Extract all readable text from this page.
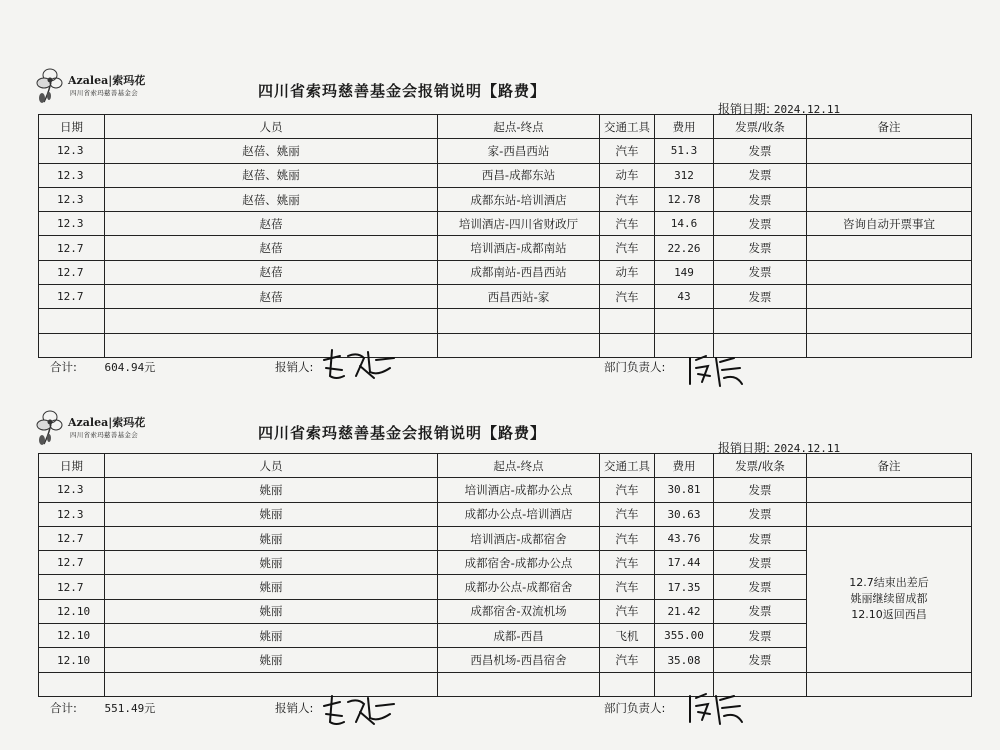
Azalea|索玛花
四川省索玛慈善基金会	四川省索玛慈善基金会报销说明【路费】
报销日期: 2024.12.11
日期	人员	起点-终点	交通工具	费用	发票/收条	备注
12.3	赵蓓、姚丽	家-西昌西站	汽车	51.3	发票	
12.3	赵蓓、姚丽	西昌-成都东站	动车	312	发票	
12.3	赵蓓、姚丽	成都东站-培训酒店	汽车	12.78	发票	
12.3	赵蓓	培训酒店-四川省财政厅	汽车	14.6	发票	咨询自动开票事宜
12.7	赵蓓	培训酒店-成都南站	汽车	22.26	发票	
12.7	赵蓓	成都南站-西昌西站	动车	149	发票	
12.7	赵蓓	西昌西站-家	汽车	43	发票	

合计:	604.94元	报销人:	部门负责人:
Azalea|索玛花
四川省索玛慈善基金会	四川省索玛慈善基金会报销说明【路费】
报销日期: 2024.12.11
日期	人员	起点-终点	交通工具	费用	发票/收条	备注
12.3	姚丽	培训酒店-成都办公点	汽车	30.81	发票	
12.3	姚丽	成都办公点-培训酒店	汽车	30.63	发票	
12.7	姚丽	培训酒店-成都宿舍	汽车	43.76	发票	12.7结束出差后
姚丽继续留成都
12.10返回西昌
12.7	姚丽	成都宿舍-成都办公点	汽车	17.44	发票	
12.7	姚丽	成都办公点-成都宿舍	汽车	17.35	发票	
12.10	姚丽	成都宿舍-双流机场	汽车	21.42	发票	
12.10	姚丽	成都-西昌	飞机	355.00	发票	
12.10	姚丽	西昌机场-西昌宿舍	汽车	35.08	发票	

合计:	551.49元	报销人:	部门负责人:
